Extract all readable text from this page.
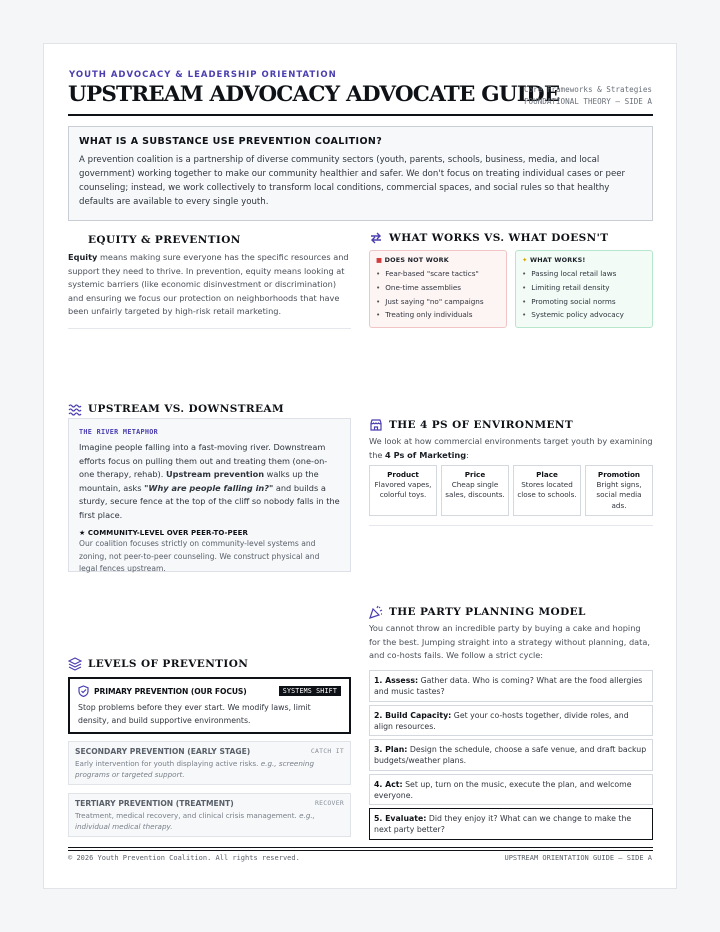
YOUTH ADVOCACY & LEADERSHIP ORIENTATION
UPSTREAM ADVOCACY ADVOCATE GUIDE
Core Frameworks & Strategies
FOUNDATIONAL THEORY — SIDE A
WHAT IS A SUBSTANCE USE PREVENTION COALITION?

A prevention coalition is a partnership of diverse community sectors (youth, parents, schools, business, media, and local government) working together to make our community healthier and safer. We don't focus on treating individual cases or peer counseling; instead, we work collectively to transform local conditions, commercial spaces, and social rules so that healthy defaults are available to every single youth.

EQUITY & PREVENTION

Equity means making sure everyone has the specific resources and support they need to thrive. In prevention, equity means looking at systemic barriers (like economic disinvestment or discrimination) and ensuring we focus our protection on neighborhoods that have been unfairly targeted by high-risk retail marketing.

WHAT WORKS VS. WHAT DOESN'T
■ DOES NOT WORK
• Fear-based "scare tactics"
• One-time assemblies
• Just saying "no" campaigns
• Treating only individuals
✦ WHAT WORKS!
• Passing local retail laws
• Limiting retail density
• Promoting social norms
• Systemic policy advocacy
UPSTREAM VS. DOWNSTREAM
THE RIVER METAPHOR

Imagine people falling into a fast-moving river. Downstream efforts focus on pulling them out and treating them (one-on-one therapy, rehab). Upstream prevention walks up the mountain, asks "Why are people falling in?" and builds a sturdy, secure fence at the top of the cliff so nobody falls in the first place.

★ COMMUNITY-LEVEL OVER PEER-TO-PEER
Our coalition focuses strictly on community-level systems and zoning, not peer-to-peer counseling. We construct physical and legal fences upstream.
THE 4 PS OF ENVIRONMENT

We look at how commercial environments target youth by examining the 4 Ps of Marketing:

Product
Flavored vapes, colorful toys.
Price
Cheap single sales, discounts.
Place
Stores located close to schools.
Promotion
Bright signs, social media ads.
THE PARTY PLANNING MODEL

You cannot throw an incredible party by buying a cake and hoping for the best. Jumping straight into a strategy without planning, data, and co-hosts fails. We follow a strict cycle:

1. Assess: Gather data. Who is coming? What are the food allergies and music tastes?
2. Build Capacity: Get your co-hosts together, divide roles, and align resources.
3. Plan: Design the schedule, choose a safe venue, and draft backup budgets/weather plans.
4. Act: Set up, turn on the music, execute the plan, and welcome everyone.
5. Evaluate: Did they enjoy it? What can we change to make the next party better?
LEVELS OF PREVENTION
PRIMARY PREVENTION (OUR FOCUS)	SYSTEMS SHIFT

Stop problems before they ever start. We modify laws, limit density, and build supportive environments.

SECONDARY PREVENTION (EARLY STAGE)	CATCH IT

Early intervention for youth displaying active risks. e.g., screening programs or targeted support.

TERTIARY PREVENTION (TREATMENT)	RECOVER

Treatment, medical recovery, and clinical crisis management. e.g., individual medical therapy.

© 2026 Youth Prevention Coalition. All rights reserved.	UPSTREAM ORIENTATION GUIDE — SIDE A
